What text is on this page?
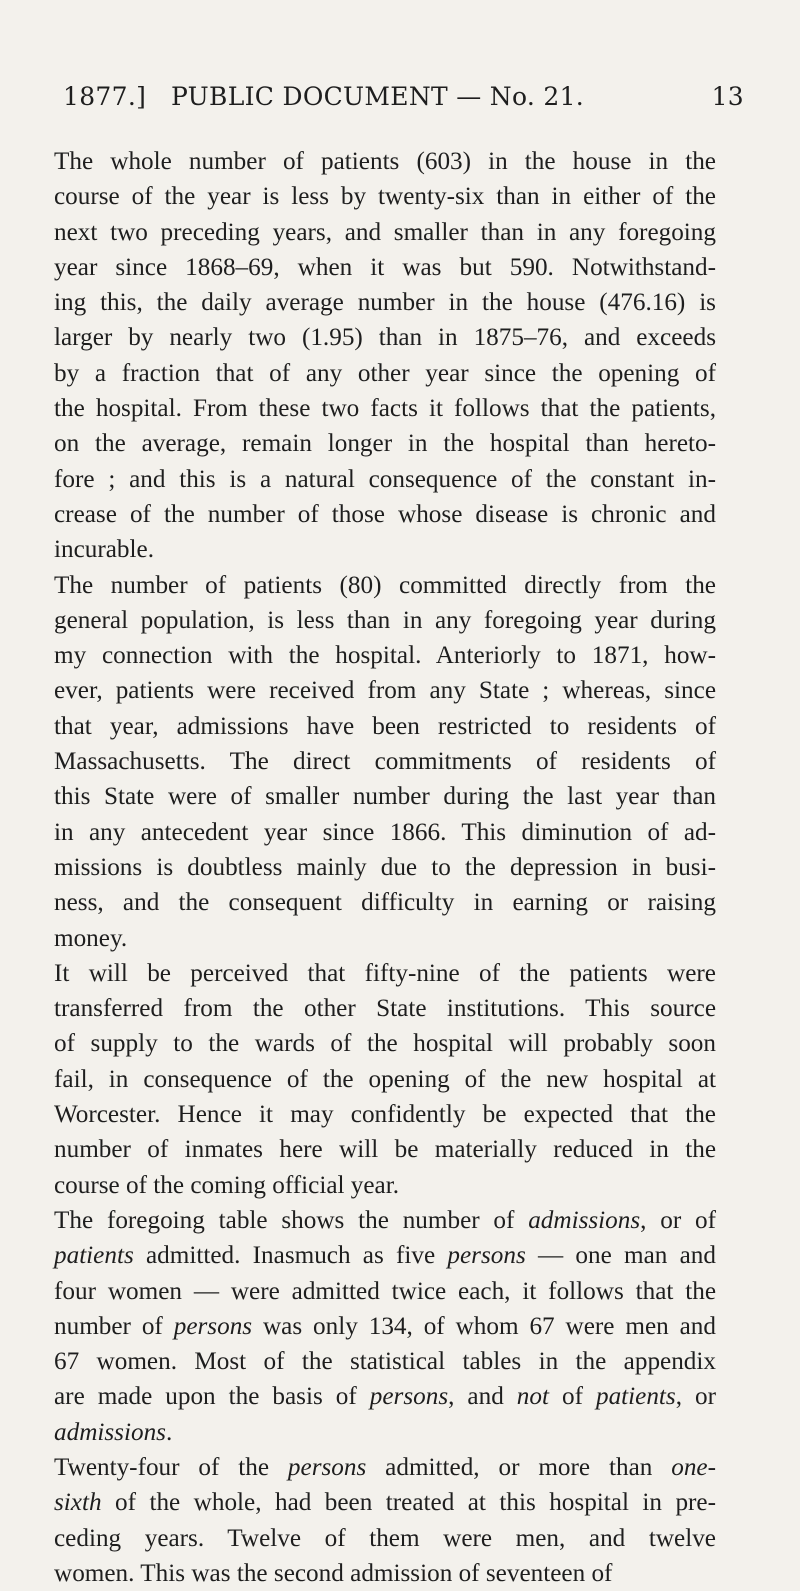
1877.] PUBLIC DOCUMENT — No. 21.	13

The whole number of patients (603) in the house in the

course of the year is less by twenty-six than in either of the

next two preceding years, and smaller than in any foregoing

year since 1868–69, when it was but 590. Notwithstand-

ing this, the daily average number in the house (476.16) is

larger by nearly two (1.95) than in 1875–76, and exceeds

by a fraction that of any other year since the opening of

the hospital. From these two facts it follows that the patients,

on the average, remain longer in the hospital than hereto-

fore ; and this is a natural consequence of the constant in-

crease of the number of those whose disease is chronic and

incurable.

The number of patients (80) committed directly from the

general population, is less than in any foregoing year during

my connection with the hospital. Anteriorly to 1871, how-

ever, patients were received from any State ; whereas, since

that year, admissions have been restricted to residents of

Massachusetts. The direct commitments of residents of

this State were of smaller number during the last year than

in any antecedent year since 1866. This diminution of ad-

missions is doubtless mainly due to the depression in busi-

ness, and the consequent difficulty in earning or raising

money.

It will be perceived that fifty-nine of the patients were

transferred from the other State institutions. This source

of supply to the wards of the hospital will probably soon

fail, in consequence of the opening of the new hospital at

Worcester. Hence it may confidently be expected that the

number of inmates here will be materially reduced in the

course of the coming official year.

The foregoing table shows the number of admissions, or of

patients admitted. Inasmuch as five persons — one man and

four women — were admitted twice each, it follows that the

number of persons was only 134, of whom 67 were men and

67 women. Most of the statistical tables in the appendix

are made upon the basis of persons, and not of patients, or

admissions.

Twenty-four of the persons admitted, or more than one-

sixth of the whole, had been treated at this hospital in pre-

ceding years. Twelve of them were men, and twelve

women. This was the second admission of seventeen of
